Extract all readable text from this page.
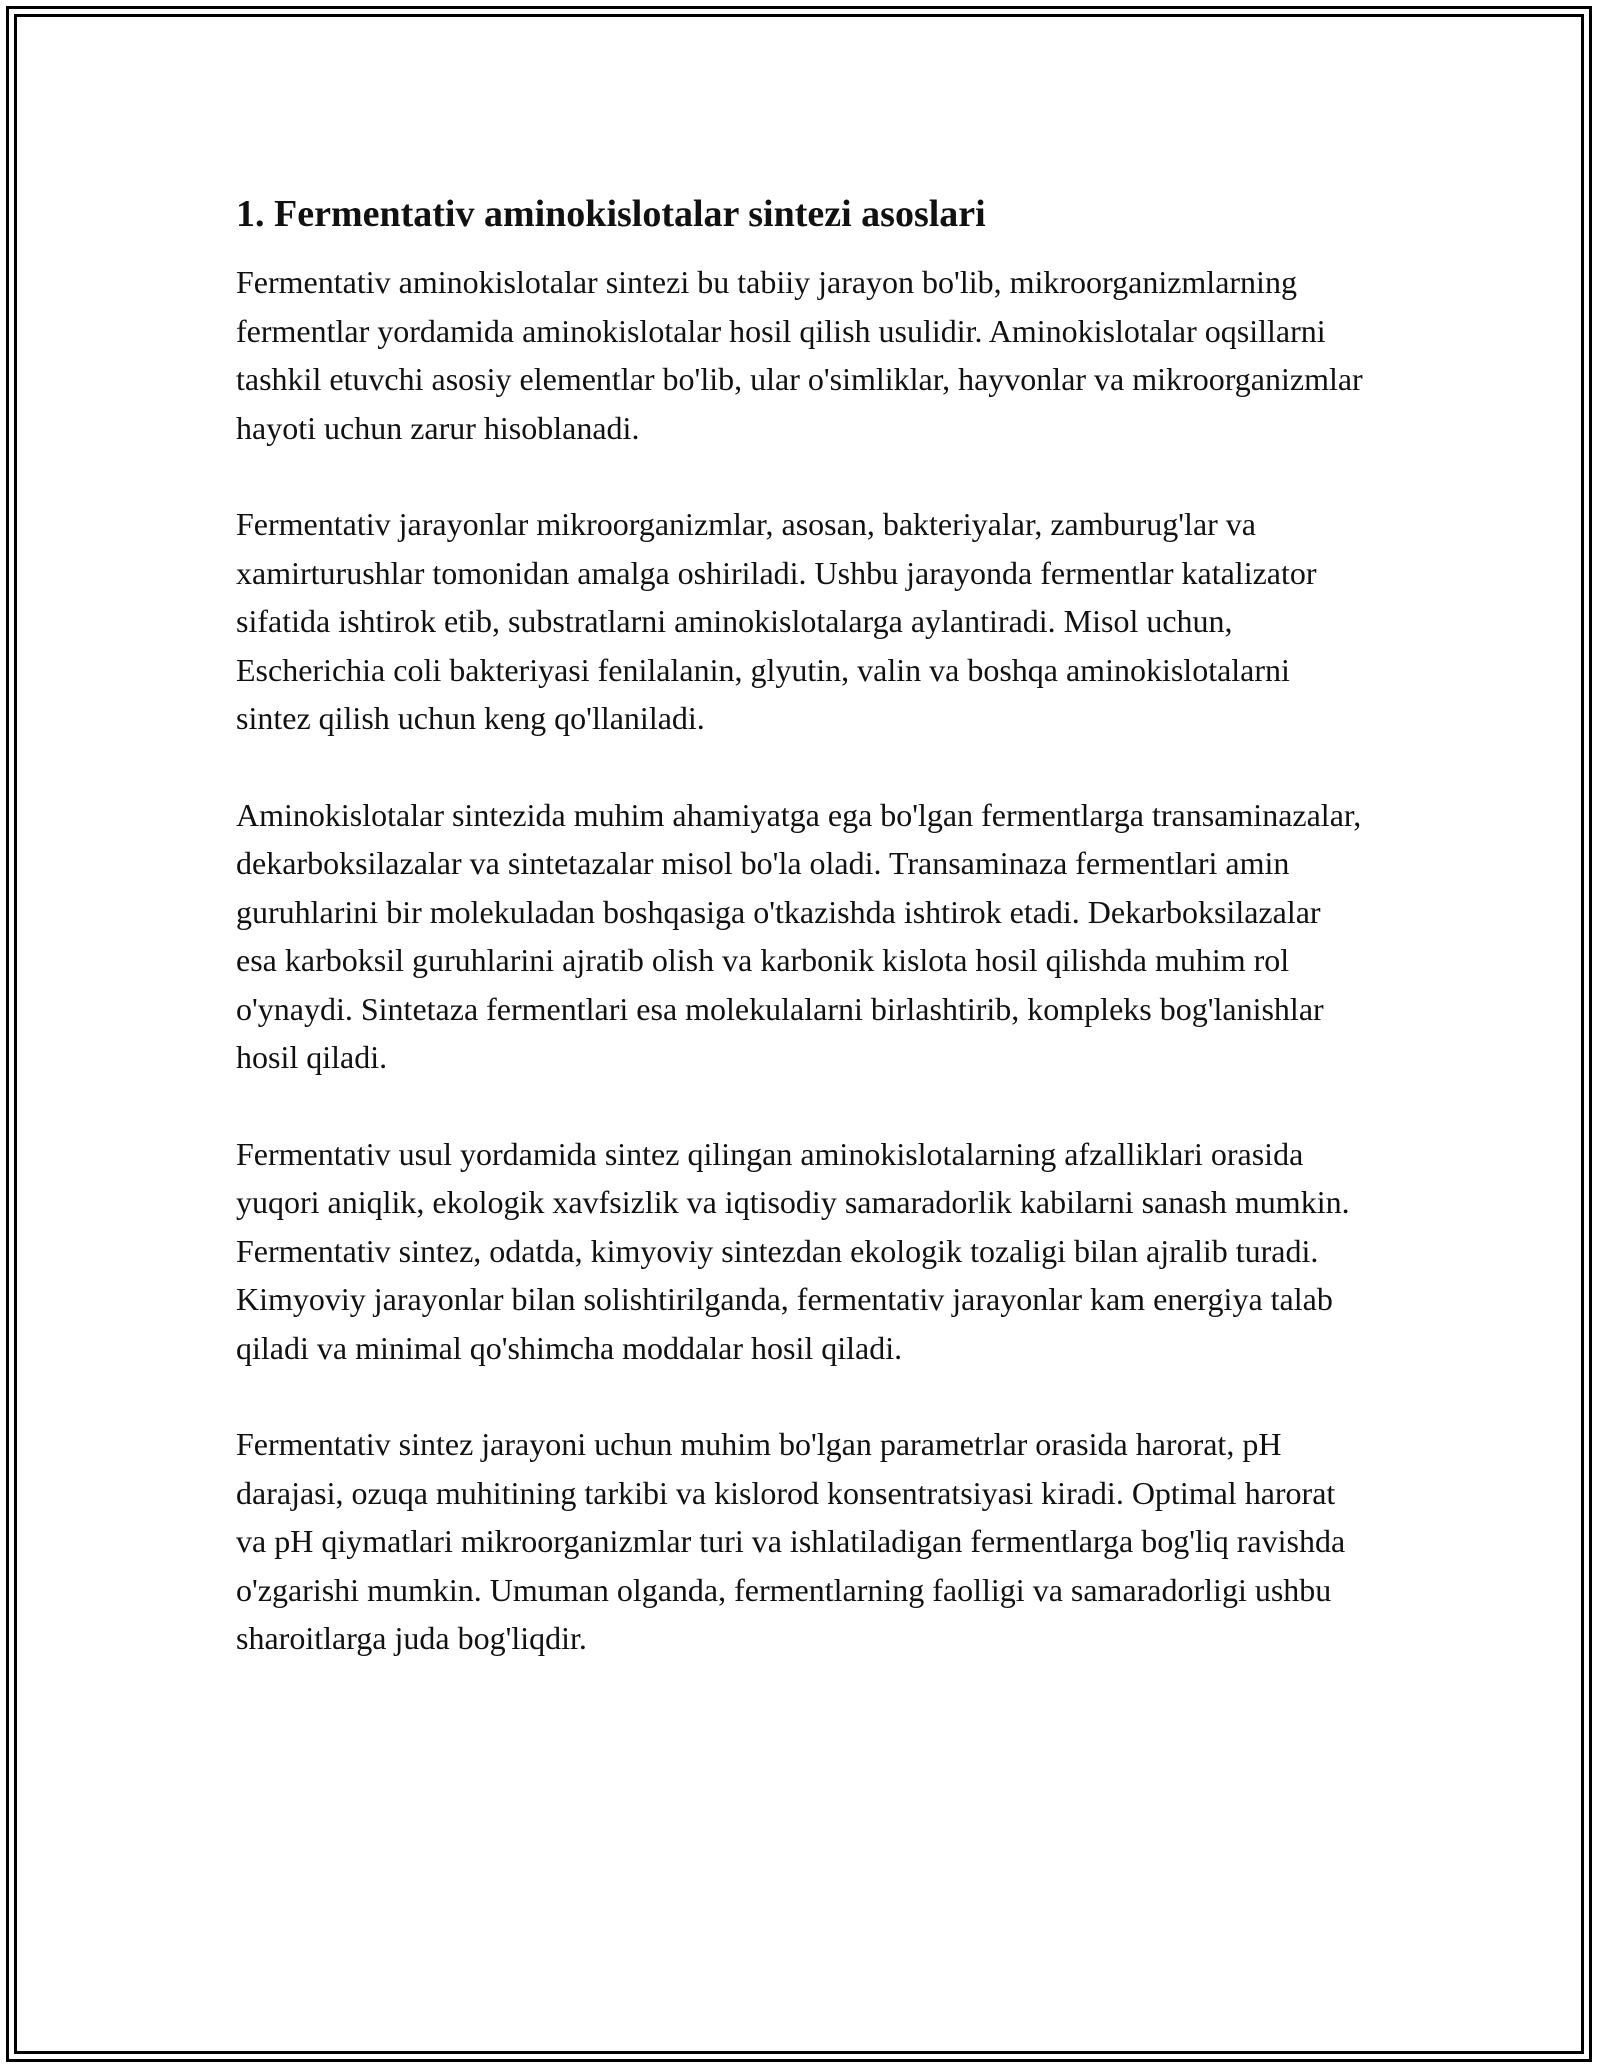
1. Fermentativ aminokislotalar sintezi asoslari

Fermentativ aminokislotalar sintezi bu tabiiy jarayon bo'lib, mikroorganizmlarning fermentlar yordamida aminokislotalar hosil qilish usulidir. Aminokislotalar oqsillarni tashkil etuvchi asosiy elementlar bo'lib, ular o'simliklar, hayvonlar va mikroorganizmlar hayoti uchun zarur hisoblanadi.

Fermentativ jarayonlar mikroorganizmlar, asosan, bakteriyalar, zamburug'lar va xamirturushlar tomonidan amalga oshiriladi. Ushbu jarayonda fermentlar katalizator sifatida ishtirok etib, substratlarni aminokislotalarga aylantiradi. Misol uchun, Escherichia coli bakteriyasi fenilalanin, glyutin, valin va boshqa aminokislotalarni sintez qilish uchun keng qo'llaniladi.

Aminokislotalar sintezida muhim ahamiyatga ega bo'lgan fermentlarga transaminazalar, dekarboksilazalar va sintetazalar misol bo'la oladi. Transaminaza fermentlari amin guruhlarini bir molekuladan boshqasiga o'tkazishda ishtirok etadi. Dekarboksilazalar esa karboksil guruhlarini ajratib olish va karbonik kislota hosil qilishda muhim rol o'ynaydi. Sintetaza fermentlari esa molekulalarni birlashtirib, kompleks bog'lanishlar hosil qiladi.

Fermentativ usul yordamida sintez qilingan aminokislotalarning afzalliklari orasida yuqori aniqlik, ekologik xavfsizlik va iqtisodiy samaradorlik kabilarni sanash mumkin. Fermentativ sintez, odatda, kimyoviy sintezdan ekologik tozaligi bilan ajralib turadi. Kimyoviy jarayonlar bilan solishtirilganda, fermentativ jarayonlar kam energiya talab qiladi va minimal qo'shimcha moddalar hosil qiladi.

Fermentativ sintez jarayoni uchun muhim bo'lgan parametrlar orasida harorat, pH darajasi, ozuqa muhitining tarkibi va kislorod konsentratsiyasi kiradi. Optimal harorat va pH qiymatlari mikroorganizmlar turi va ishlatiladigan fermentlarga bog'liq ravishda o'zgarishi mumkin. Umuman olganda, fermentlarning faolligi va samaradorligi ushbu sharoitlarga juda bog'liqdir.
